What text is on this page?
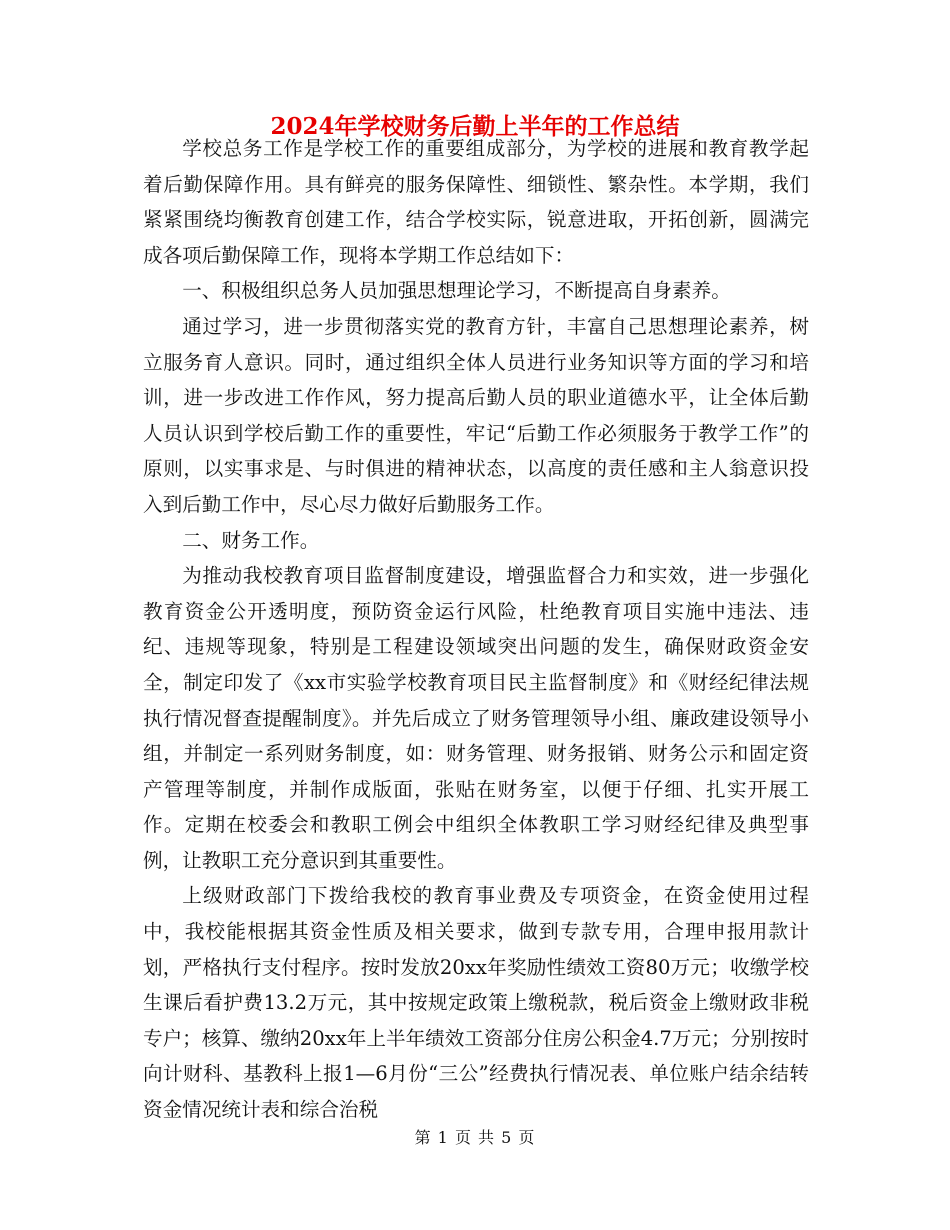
2024年学校财务后勤上半年的工作总结

学校总务工作是学校工作的重要组成部分，为学校的进展和教育教学起着后勤保障作用。具有鲜亮的服务保障性、细锁性、繁杂性。本学期，我们紧紧围绕均衡教育创建工作，结合学校实际，锐意进取，开拓创新，圆满完成各项后勤保障工作，现将本学期工作总结如下：

一、积极组织总务人员加强思想理论学习，不断提高自身素养。

通过学习，进一步贯彻落实党的教育方针，丰富自己思想理论素养，树立服务育人意识。同时，通过组织全体人员进行业务知识等方面的学习和培训，进一步改进工作作风，努力提高后勤人员的职业道德水平，让全体后勤人员认识到学校后勤工作的重要性，牢记“后勤工作必须服务于教学工作”的原则，以实事求是、与时俱进的精神状态，以高度的责任感和主人翁意识投入到后勤工作中，尽心尽力做好后勤服务工作。

二、财务工作。

为推动我校教育项目监督制度建设，增强监督合力和实效，进一步强化教育资金公开透明度，预防资金运行风险，杜绝教育项目实施中违法、违纪、违规等现象，特别是工程建设领域突出问题的发生，确保财政资金安全，制定印发了《xx市实验学校教育项目民主监督制度》和《财经纪律法规执行情况督查提醒制度》。并先后成立了财务管理领导小组、廉政建设领导小组，并制定一系列财务制度，如：财务管理、财务报销、财务公示和固定资产管理等制度，并制作成版面，张贴在财务室，以便于仔细、扎实开展工作。定期在校委会和教职工例会中组织全体教职工学习财经纪律及典型事例，让教职工充分意识到其重要性。

上级财政部门下拨给我校的教育事业费及专项资金，在资金使用过程中，我校能根据其资金性质及相关要求，做到专款专用，合理申报用款计划，严格执行支付程序。按时发放20xx年奖励性绩效工资80万元；收缴学校生课后看护费13.2万元，其中按规定政策上缴税款，税后资金上缴财政非税专户；核算、缴纳20xx年上半年绩效工资部分住房公积金4.7万元；分别按时向计财科、基教科上报1—6月份“三公”经费执行情况表、单位账户结余结转资金情况统计表和综合治税

第 1 页 共 5 页
